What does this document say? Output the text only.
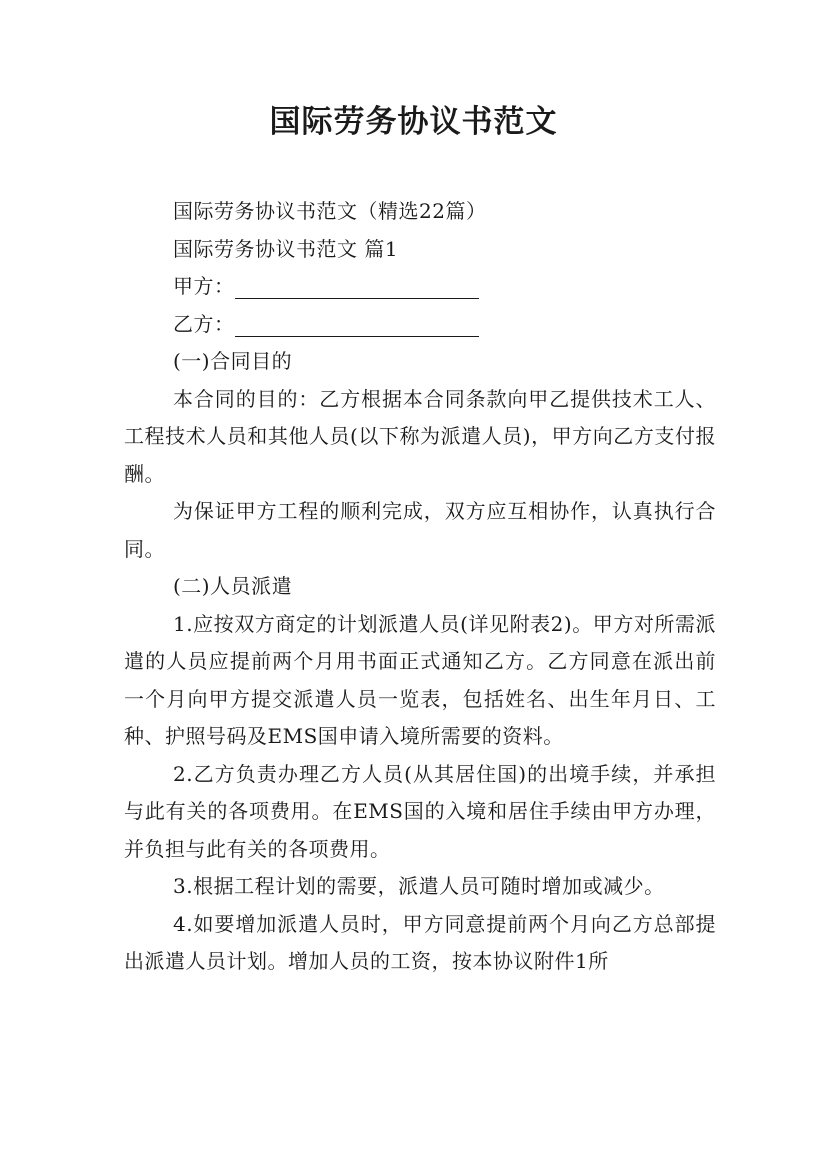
国际劳务协议书范文

国际劳务协议书范文（精选22篇）

国际劳务协议书范文 篇1

甲方：

乙方：

(一)合同目的

本合同的目的：乙方根据本合同条款向甲乙提供技术工人、工程技术人员和其他人员(以下称为派遣人员)，甲方向乙方支付报酬。

为保证甲方工程的顺利完成，双方应互相协作，认真执行合同。

(二)人员派遣

1.应按双方商定的计划派遣人员(详见附表2)。甲方对所需派遣的人员应提前两个月用书面正式通知乙方。乙方同意在派出前一个月向甲方提交派遣人员一览表，包括姓名、出生年月日、工种、护照号码及EMS国申请入境所需要的资料。

2.乙方负责办理乙方人员(从其居住国)的出境手续，并承担与此有关的各项费用。在EMS国的入境和居住手续由甲方办理，并负担与此有关的各项费用。

3.根据工程计划的需要，派遣人员可随时增加或减少。

4.如要增加派遣人员时，甲方同意提前两个月向乙方总部提出派遣人员计划。增加人员的工资，按本协议附件1所
